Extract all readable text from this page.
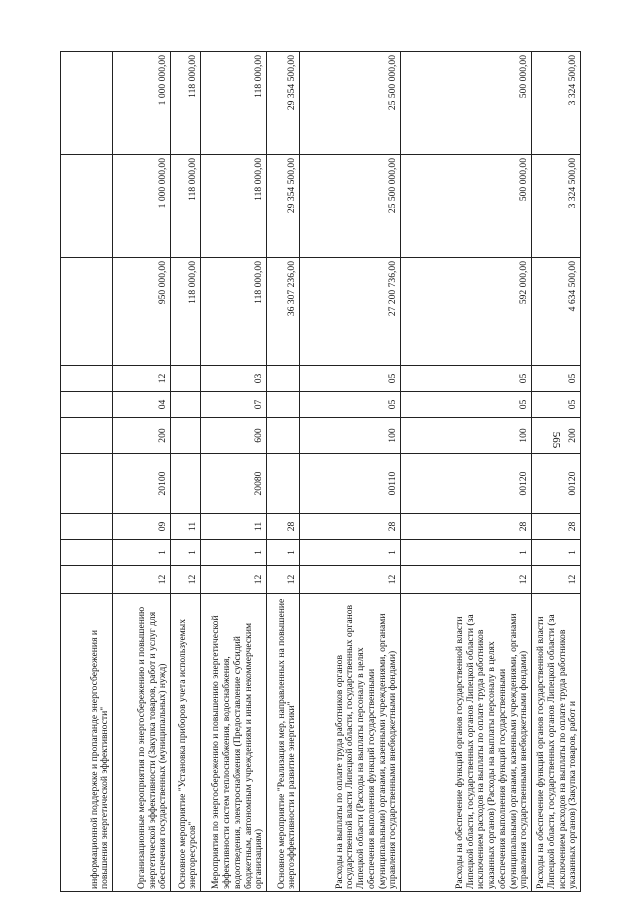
565
информационной поддержке и пропаганде энергосбережения и повышения энергетической эффективности"										
Организационные мероприятия по энергосбережению и повышению энергетической эффективности (Закупка товаров, работ и услуг для обеспечения государственных (муниципальных) нужд)	12	1	09	20100	200	04	12	950 000,00	1 000 000,00	1 000 000,00
Основное мероприятие "Установка приборов учета используемых энергоресурсов"	12	1	11					118 000,00	118 000,00	118 000,00
Мероприятия по энергосбережению и повышению энергетической эффективности систем теплоснабжения, водоснабжения, водоотведения, электроснабжения (Предоставление субсидий бюджетным, автономным учреждениям и иным некоммерческим организациям)	12	1	11	20080	600	07	03	118 000,00	118 000,00	118 000,00
Основное мероприятие "Реализация мер, направленных на повышение энергоэффективности и развитие энергетики"	12	1	28					36 307 236,00	29 354 500,00	29 354 500,00
Расходы на выплаты по оплате труда работников органов государственной власти Липецкой области, государственных органов Липецкой области (Расходы на выплаты персоналу в целях обеспечения выполнения функций государственными (муниципальными) органами, казенными учреждениями, органами управления государственными внебюджетными фондами)	12	1	28	00110	100	05	05	27 200 736,00	25 500 000,00	25 500 000,00
Расходы на обеспечение функций органов государственной власти Липецкой области, государственных органов Липецкой области (за исключением расходов на выплаты по оплате труда работников указанных органов) (Расходы на выплаты персоналу в целях обеспечения выполнения функций государственными (муниципальными) органами, казенными учреждениями, органами управления государственными внебюджетными фондами)	12	1	28	00120	100	05	05	592 000,00	500 000,00	500 000,00
Расходы на обеспечение функций органов государственной власти Липецкой области, государственных органов Липецкой области (за исключением расходов на выплаты по оплате труда работников указанных органов) (Закупка товаров, работ и	12	1	28	00120	200	05	05	4 634 500,00	3 324 500,00	3 324 500,00
